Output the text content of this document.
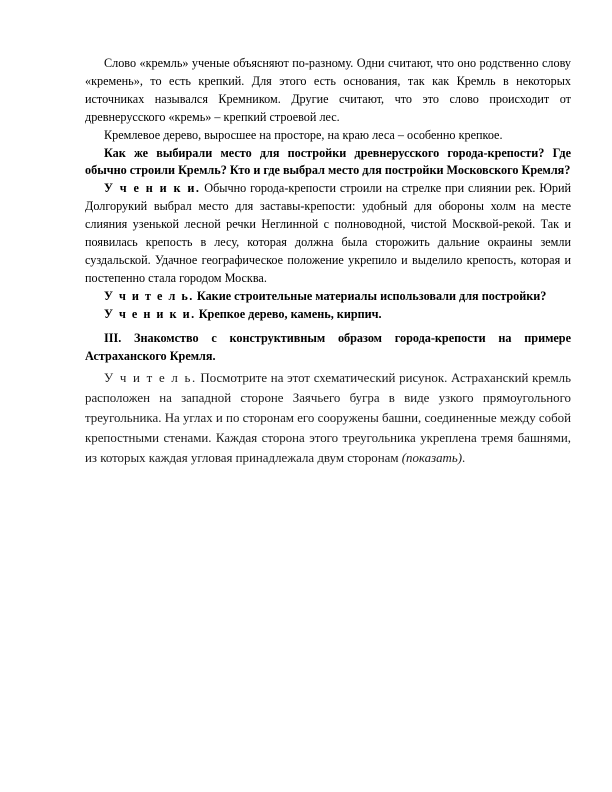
Слово «кремль» ученые объясняют по-разному. Одни считают, что оно родственно слову «кремень», то есть крепкий. Для этого есть основания, так как Кремль в некоторых источниках назывался Кремником. Другие считают, что это слово происходит от древнерусского «кремь» – крепкий строевой лес.

Кремлевое дерево, выросшее на просторе, на краю леса – особенно крепкое.

Как же выбирали место для постройки древнерусского города-крепости? Где обычно строили Кремль? Кто и где выбрал место для постройки Московского Кремля?

У ч е н и к и. Обычно города-крепости строили на стрелке при слиянии рек. Юрий Долгорукий выбрал место для заставы-крепости: удобный для обороны холм на месте слияния узенькой лесной речки Неглинной с полноводной, чистой Москвой-рекой. Так и появилась крепость в лесу, которая должна была сторожить дальние окраины земли суздальской. Удачное географическое положение укрепило и выделило крепость, которая и постепенно стала городом Москва.

У ч и т е л ь. Какие строительные материалы использовали для постройки?

У ч е н и к и. Крепкое дерево, камень, кирпич.

III. Знакомство с конструктивным образом города-крепости на примере Астраханского Кремля.

У ч и т е л ь. Посмотрите на этот схематический рисунок. Астраханский кремль расположен на западной стороне Заячьего бугра в виде узкого прямоугольного треугольника. На углах и по сторонам его сооружены башни, соединенные между собой крепостными стенами. Каждая сторона этого треугольника укреплена тремя башнями, из которых каждая угловая принадлежала двум сторонам (показать).
